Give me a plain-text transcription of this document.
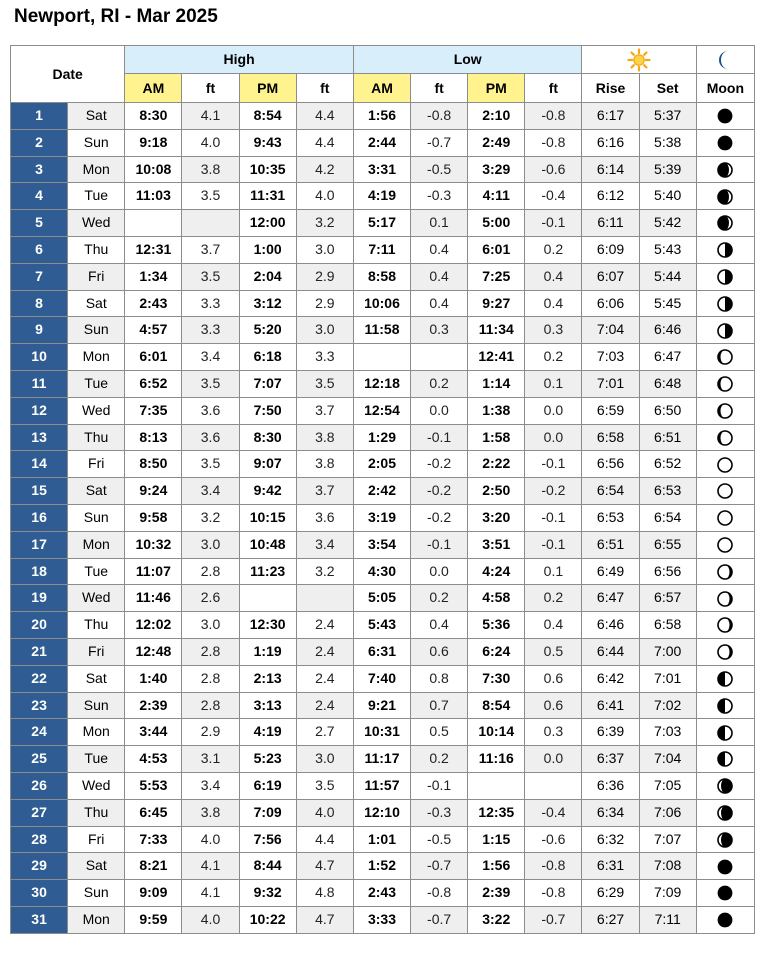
Newport, RI - Mar 2025
Date		High				Low		
		AM	ft	PM	ft	AM	ft	PM	ft	Rise	Set	Moon
1	Sat	8:30	4.1	8:54	4.4	1:56	-0.8	2:10	-0.8	6:17	5:37	
2	Sun	9:18	4.0	9:43	4.4	2:44	-0.7	2:49	-0.8	6:16	5:38	
3	Mon	10:08	3.8	10:35	4.2	3:31	-0.5	3:29	-0.6	6:14	5:39	
4	Tue	11:03	3.5	11:31	4.0	4:19	-0.3	4:11	-0.4	6:12	5:40	
5	Wed			12:00	3.2	5:17	0.1	5:00	-0.1	6:11	5:42	
6	Thu	12:31	3.7	1:00	3.0	7:11	0.4	6:01	0.2	6:09	5:43	
7	Fri	1:34	3.5	2:04	2.9	8:58	0.4	7:25	0.4	6:07	5:44	
8	Sat	2:43	3.3	3:12	2.9	10:06	0.4	9:27	0.4	6:06	5:45	
9	Sun	4:57	3.3	5:20	3.0	11:58	0.3	11:34	0.3	7:04	6:46	
10	Mon	6:01	3.4	6:18	3.3			12:41	0.2	7:03	6:47	
11	Tue	6:52	3.5	7:07	3.5	12:18	0.2	1:14	0.1	7:01	6:48	
12	Wed	7:35	3.6	7:50	3.7	12:54	0.0	1:38	0.0	6:59	6:50	
13	Thu	8:13	3.6	8:30	3.8	1:29	-0.1	1:58	0.0	6:58	6:51	
14	Fri	8:50	3.5	9:07	3.8	2:05	-0.2	2:22	-0.1	6:56	6:52	
15	Sat	9:24	3.4	9:42	3.7	2:42	-0.2	2:50	-0.2	6:54	6:53	
16	Sun	9:58	3.2	10:15	3.6	3:19	-0.2	3:20	-0.1	6:53	6:54	
17	Mon	10:32	3.0	10:48	3.4	3:54	-0.1	3:51	-0.1	6:51	6:55	
18	Tue	11:07	2.8	11:23	3.2	4:30	0.0	4:24	0.1	6:49	6:56	
19	Wed	11:46	2.6			5:05	0.2	4:58	0.2	6:47	6:57	
20	Thu	12:02	3.0	12:30	2.4	5:43	0.4	5:36	0.4	6:46	6:58	
21	Fri	12:48	2.8	1:19	2.4	6:31	0.6	6:24	0.5	6:44	7:00	
22	Sat	1:40	2.8	2:13	2.4	7:40	0.8	7:30	0.6	6:42	7:01	
23	Sun	2:39	2.8	3:13	2.4	9:21	0.7	8:54	0.6	6:41	7:02	
24	Mon	3:44	2.9	4:19	2.7	10:31	0.5	10:14	0.3	6:39	7:03	
25	Tue	4:53	3.1	5:23	3.0	11:17	0.2	11:16	0.0	6:37	7:04	
26	Wed	5:53	3.4	6:19	3.5	11:57	-0.1			6:36	7:05	
27	Thu	6:45	3.8	7:09	4.0	12:10	-0.3	12:35	-0.4	6:34	7:06	
28	Fri	7:33	4.0	7:56	4.4	1:01	-0.5	1:15	-0.6	6:32	7:07	
29	Sat	8:21	4.1	8:44	4.7	1:52	-0.7	1:56	-0.8	6:31	7:08	
30	Sun	9:09	4.1	9:32	4.8	2:43	-0.8	2:39	-0.8	6:29	7:09	
31	Mon	9:59	4.0	10:22	4.7	3:33	-0.7	3:22	-0.7	6:27	7:11	
